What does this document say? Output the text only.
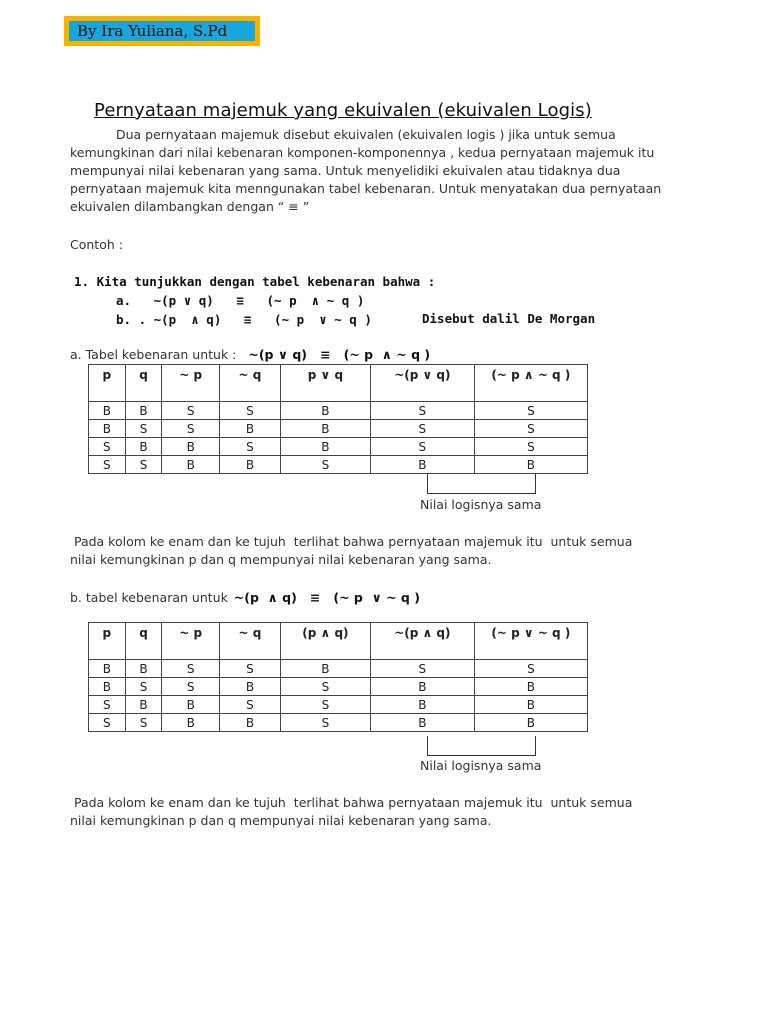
By Ira Yuliana, S.Pd
Pernyataan majemuk yang ekuivalen (ekuivalen Logis)
Dua pernyataan majemuk disebut ekuivalen (ekuivalen logis ) jika untuk semua
kemungkinan dari nilai kebenaran komponen-komponennya , kedua pernyataan majemuk itu
mempunyai nilai kebenaran yang sama. Untuk menyelidiki ekuivalen atau tidaknya dua
pernyataan majemuk kita menngunakan tabel kebenaran. Untuk menyatakan dua pernyataan
ekuivalen dilambangkan dengan “ ≡ ”
Contoh :
1. Kita tunjukkan dengan tabel kebenaran bahwa :
a.   ~(p ∨ q)   ≡   (~ p  ∧ ~ q )
b. . ~(p  ∧ q)   ≡   (~ p  ∨ ~ q )	Disebut dalil De Morgan
a. Tabel kebenaran untuk : ~(p ∨ q)   ≡   (~ p  ∧ ~ q )
p	q	~ p	~ q	p ∨ q	~(p ∨ q)	(~ p ∧ ~ q )
B	B	S	S	B	S	S
B	S	S	B	B	S	S
S	B	B	S	B	S	S
S	S	B	B	S	B	B
Nilai logisnya sama
Pada kolom ke enam dan ke tujuh  terlihat bahwa pernyataan majemuk itu  untuk semua
nilai kemungkinan p dan q mempunyai nilai kebenaran yang sama.
b. tabel kebenaran untuk ~(p  ∧ q)   ≡   (~ p  ∨ ~ q )
p	q	~ p	~ q	(p ∧ q)	~(p ∧ q)	(~ p ∨ ~ q )
B	B	S	S	B	S	S
B	S	S	B	S	B	B
S	B	B	S	S	B	B
S	S	B	B	S	B	B
Nilai logisnya sama
Pada kolom ke enam dan ke tujuh  terlihat bahwa pernyataan majemuk itu  untuk semua
nilai kemungkinan p dan q mempunyai nilai kebenaran yang sama.
